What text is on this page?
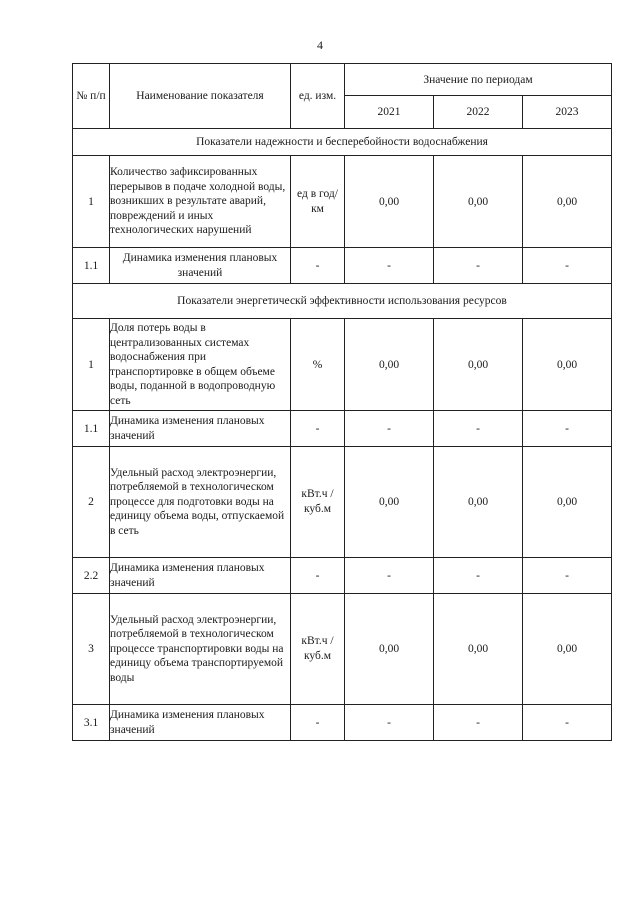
4
№ п/п	Наименование показателя	ед. изм.	Значение по периодам		
			2021	2022	2023
Показатели надежности и бесперебойности водоснабжения					
1	Количество зафиксированных перерывов в подаче холодной воды, возникших в результате аварий, повреждений и иных технологических нарушений	ед в год/ км	0,00	0,00	0,00
1.1	Динамика изменения плановых значений	-	-	-	-
Показатели энергетическй эффективности использования ресурсов					
1	Доля потерь воды в централизованных системах водоснабжения при транспортировке в общем объеме воды, поданной в водопроводную сеть	%	0,00	0,00	0,00
1.1	Динамика изменения плановых значений	-	-	-	-
2	Удельный расход электроэнергии, потребляемой в технологическом процессе для подготовки воды на единицу объема воды, отпускаемой в сеть	кВт.ч / куб.м	0,00	0,00	0,00
2.2	Динамика изменения плановых значений	-	-	-	-
3	Удельный расход электроэнергии, потребляемой в технологическом процессе транспортировки воды на единицу объема транспортируемой воды	кВт.ч / куб.м	0,00	0,00	0,00
3.1	Динамика изменения плановых значений	-	-	-	-
